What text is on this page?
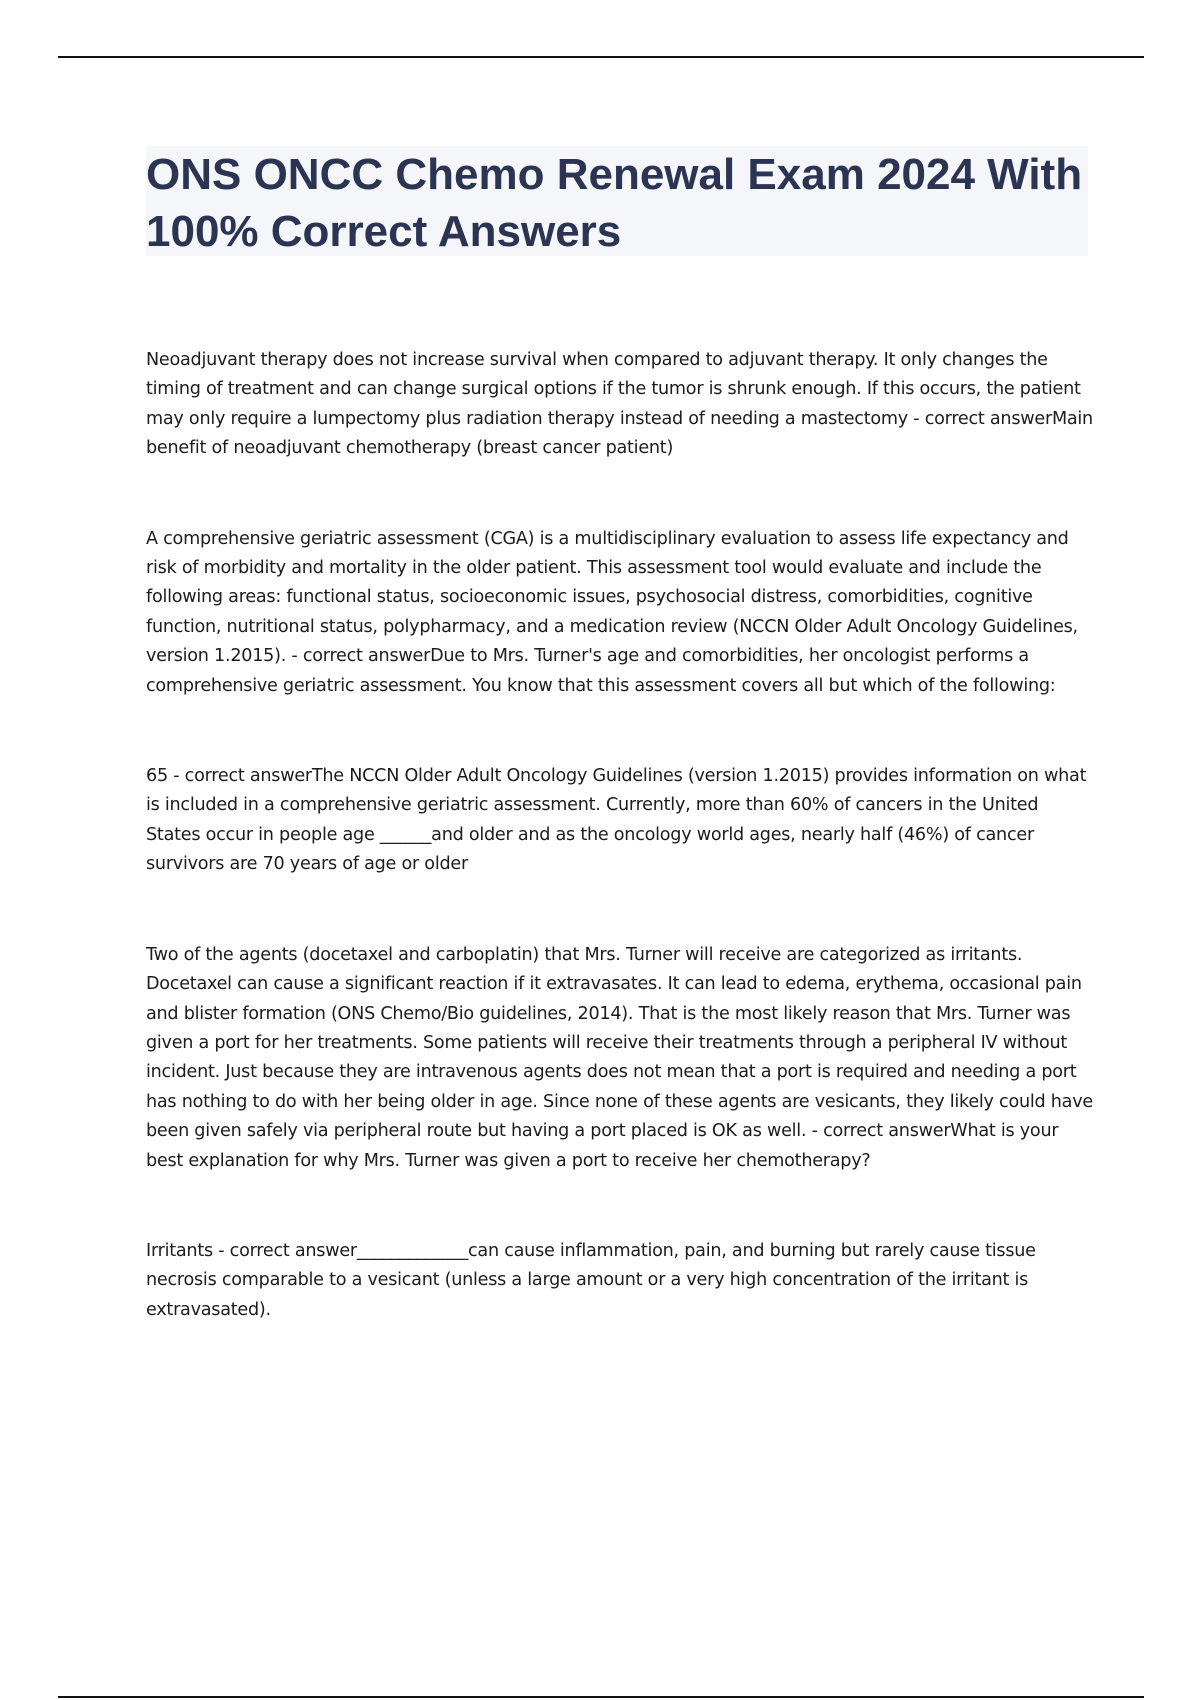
ONS ONCC Chemo Renewal Exam 2024 With 100% Correct Answers

Neoadjuvant therapy does not increase survival when compared to adjuvant therapy. It only changes the timing of treatment and can change surgical options if the tumor is shrunk enough. If this occurs, the patient may only require a lumpectomy plus radiation therapy instead of needing a mastectomy - correct answerMain benefit of neoadjuvant chemotherapy (breast cancer patient)

A comprehensive geriatric assessment (CGA) is a multidisciplinary evaluation to assess life expectancy and risk of morbidity and mortality in the older patient. This assessment tool would evaluate and include the following areas: functional status, socioeconomic issues, psychosocial distress, comorbidities, cognitive function, nutritional status, polypharmacy, and a medication review (NCCN Older Adult Oncology Guidelines, version 1.2015). - correct answerDue to Mrs. Turner's age and comorbidities, her oncologist performs a comprehensive geriatric assessment. You know that this assessment covers all but which of the following:

65 - correct answerThe NCCN Older Adult Oncology Guidelines (version 1.2015) provides information on what is included in a comprehensive geriatric assessment. Currently, more than 60% of cancers in the United States occur in people age ______and older and as the oncology world ages, nearly half (46%) of cancer survivors are 70 years of age or older

Two of the agents (docetaxel and carboplatin) that Mrs. Turner will receive are categorized as irritants. Docetaxel can cause a significant reaction if it extravasates. It can lead to edema, erythema, occasional pain and blister formation (ONS Chemo/Bio guidelines, 2014). That is the most likely reason that Mrs. Turner was given a port for her treatments. Some patients will receive their treatments through a peripheral IV without incident. Just because they are intravenous agents does not mean that a port is required and needing a port has nothing to do with her being older in age. Since none of these agents are vesicants, they likely could have been given safely via peripheral route but having a port placed is OK as well. - correct answerWhat is your best explanation for why Mrs. Turner was given a port to receive her chemotherapy?

Irritants - correct answer_____________can cause inflammation, pain, and burning but rarely cause tissue necrosis comparable to a vesicant (unless a large amount or a very high concentration of the irritant is extravasated).
